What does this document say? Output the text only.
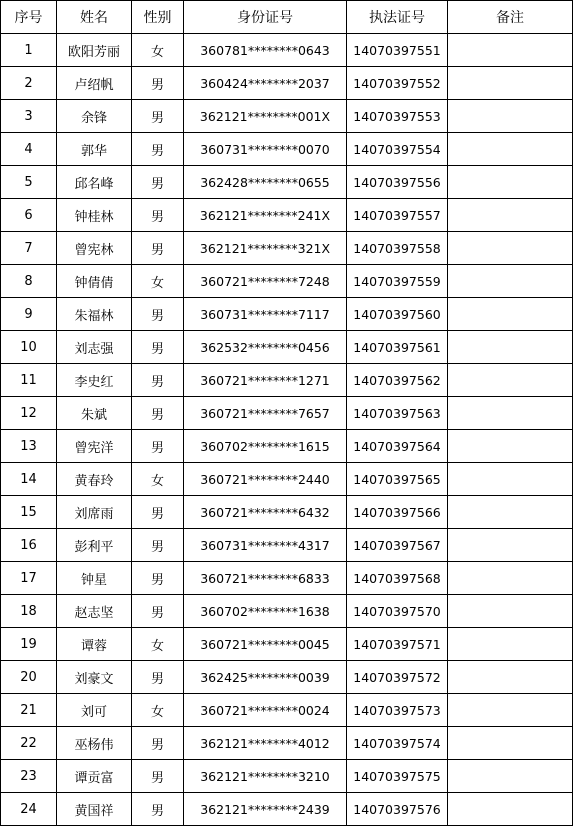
序号	姓名	性别	身份证号	执法证号	备注
1	欧阳芳丽	女	360781********0643	14070397551	
2	卢绍帆	男	360424********2037	14070397552	
3	余锋	男	362121********001X	14070397553	
4	郭华	男	360731********0070	14070397554	
5	邱名峰	男	362428********0655	14070397556	
6	钟桂林	男	362121********241X	14070397557	
7	曾宪林	男	362121********321X	14070397558	
8	钟倩倩	女	360721********7248	14070397559	
9	朱福林	男	360731********7117	14070397560	
10	刘志强	男	362532********0456	14070397561	
11	李史红	男	360721********1271	14070397562	
12	朱斌	男	360721********7657	14070397563	
13	曾宪洋	男	360702********1615	14070397564	
14	黄春玲	女	360721********2440	14070397565	
15	刘席雨	男	360721********6432	14070397566	
16	彭利平	男	360731********4317	14070397567	
17	钟星	男	360721********6833	14070397568	
18	赵志坚	男	360702********1638	14070397570	
19	谭蓉	女	360721********0045	14070397571	
20	刘豪文	男	362425********0039	14070397572	
21	刘可	女	360721********0024	14070397573	
22	巫杨伟	男	362121********4012	14070397574	
23	谭贡富	男	362121********3210	14070397575	
24	黄国祥	男	362121********2439	14070397576	
